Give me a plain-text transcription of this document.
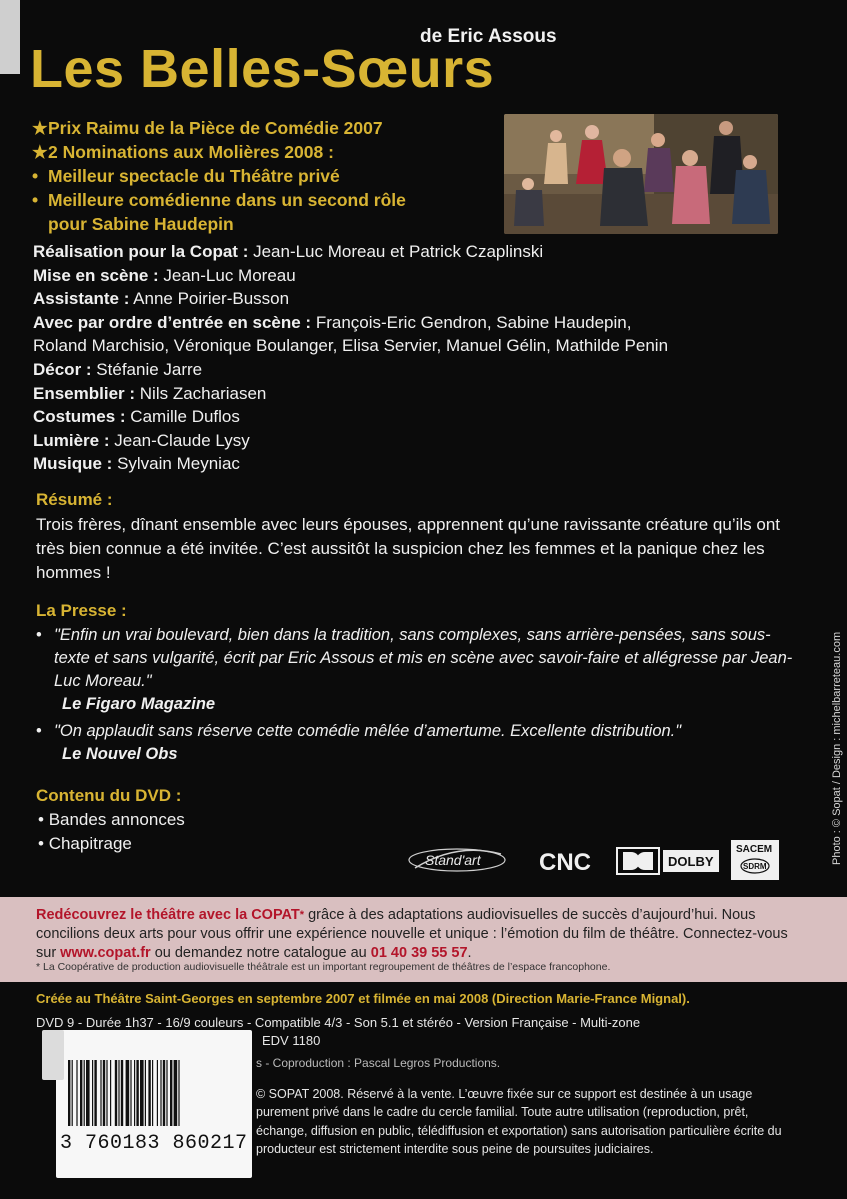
de Eric Assous
Les Belles-Sœurs
★Prix Raimu de la Pièce de Comédie 2007
★2 Nominations aux Molières 2008 :
• Meilleur spectacle du Théâtre privé
• Meilleure comédienne dans un second rôle
pour Sabine Haudepin
Réalisation pour la Copat : Jean-Luc Moreau et Patrick Czaplinski
Mise en scène : Jean-Luc Moreau
Assistante : Anne Poirier-Busson
Avec par ordre d’entrée en scène : François-Eric Gendron, Sabine Haudepin,
Roland Marchisio, Véronique Boulanger, Elisa Servier, Manuel Gélin, Mathilde Penin
Décor : Stéfanie Jarre
Ensemblier : Nils Zachariasen
Costumes : Camille Duflos
Lumière : Jean-Claude Lysy
Musique : Sylvain Meyniac
Résumé :
Trois frères, dînant ensemble avec leurs épouses, apprennent qu’une ravissante créature qu’ils ont très bien connue a été invitée. C’est aussitôt la suspicion chez les femmes et la panique chez les hommes !
La Presse :
• "Enfin un vrai boulevard, bien dans la tradition, sans complexes, sans arrière-pensées, sans sous-texte et sans vulgarité, écrit par Eric Assous et mis en scène avec savoir-faire et allégresse par Jean-Luc Moreau."
Le Figaro Magazine
• "On applaudit sans réserve cette comédie mêlée d’amertume. Excellente distribution."
Le Nouvel Obs
Contenu du DVD :
• Bandes annonces
• Chapitrage
Stand'art CNC	DOLBY
SACEM
SDRM
Photo : © Sopat / Design : michelbarreteau.com
Redécouvrez le théâtre avec la COPAT* grâce à des adaptations audiovisuelles de succès d’aujourd’hui. Nous concilions deux arts pour vous offrir une expérience nouvelle et unique : l’émotion du film de théâtre. Connectez-vous sur www.copat.fr ou demandez notre catalogue au 01 40 39 55 57.
* La Coopérative de production audiovisuelle théâtrale est un important regroupement de théâtres de l’espace francophone.
Créée au Théâtre Saint-Georges en septembre 2007 et filmée en mai 2008 (Direction Marie-France Mignal).
DVD 9 - Durée 1h37 - 16/9 couleurs - Compatible 4/3 - Son 5.1 et stéréo - Version Française - Multi-zone
EDV 1180
s - Coproduction : Pascal Legros Productions.
© SOPAT 2008. Réservé à la vente. L’œuvre fixée sur ce support est destinée à un usage purement privé dans le cadre du cercle familial. Toute autre utilisation (reproduction, prêt, échange, diffusion en public, télédiffusion et exportation) sans autorisation particulière écrite du producteur est strictement interdite sous peine de poursuites judiciaires.
3 760183 860217
